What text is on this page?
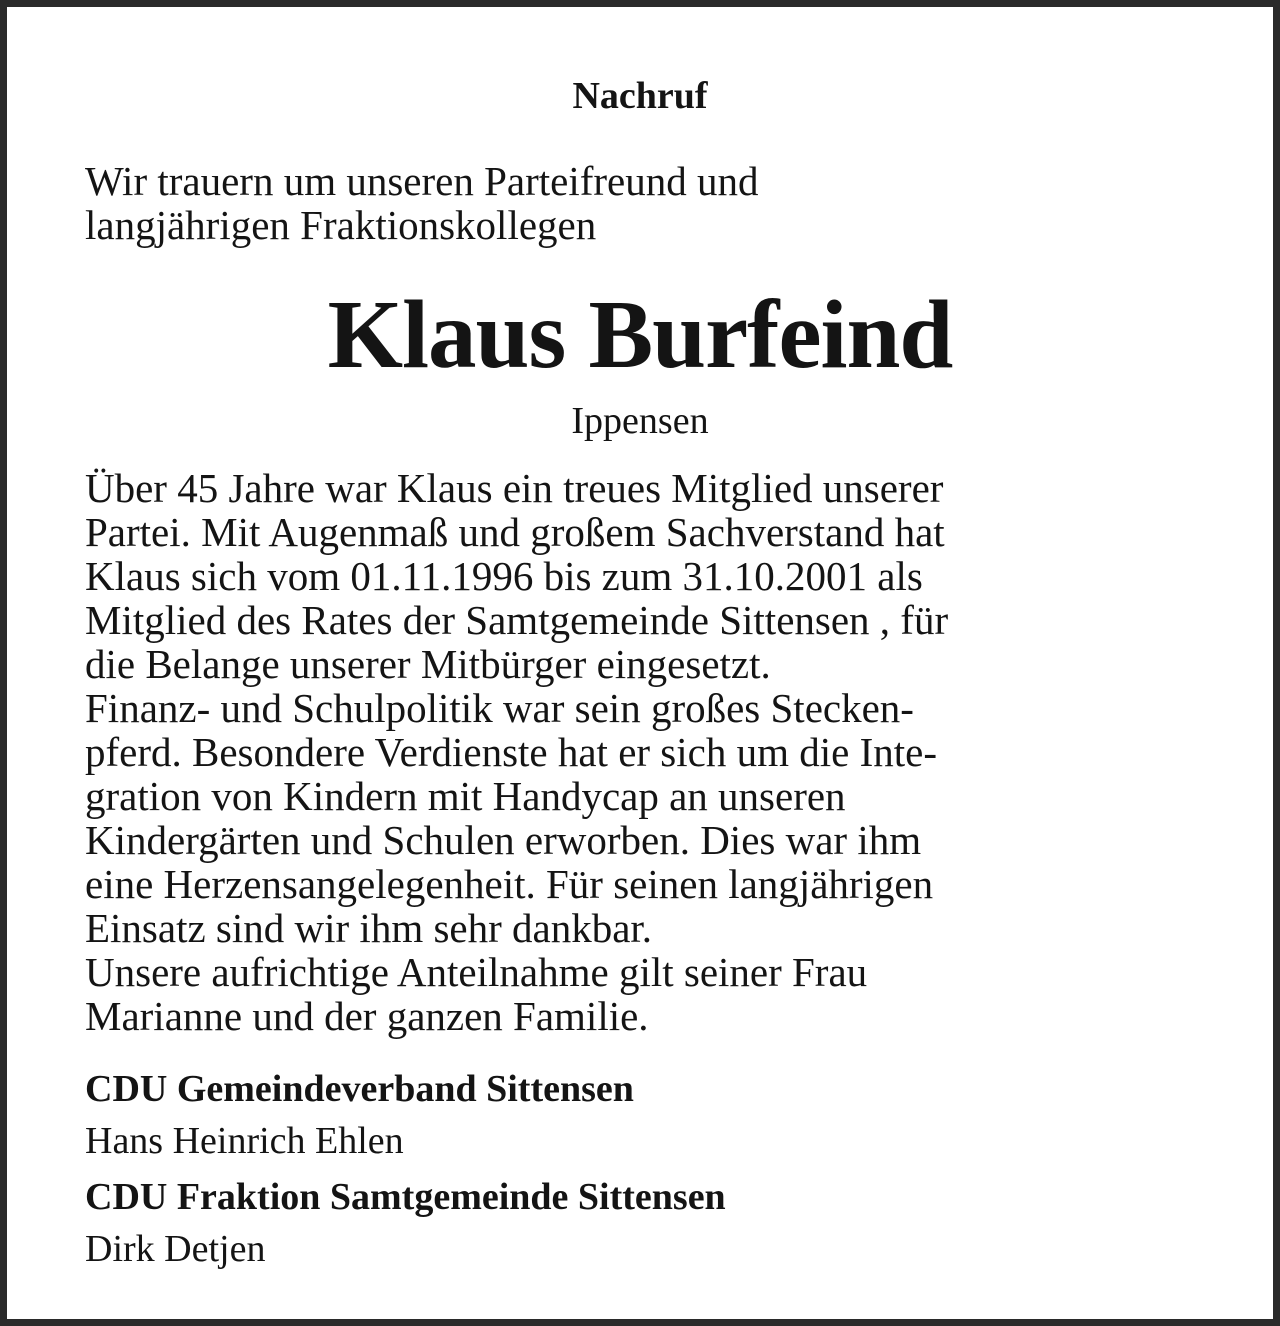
Nachruf

Wir trauern um unseren Parteifreund und

langjährigen Fraktionskollegen

Klaus Burfeind

Ippensen

Über 45 Jahre war Klaus ein treues Mitglied unserer

Partei. Mit Augenmaß und großem Sachverstand hat

Klaus sich vom 01.11.1996 bis zum 31.10.2001 als

Mitglied des Rates der Samtgemeinde Sittensen , für

die Belange unserer Mitbürger eingesetzt.

Finanz- und Schulpolitik war sein großes Stecken-

pferd. Besondere Verdienste hat er sich um die Inte-

gration von Kindern mit Handycap an unseren

Kindergärten und Schulen erworben. Dies war ihm

eine Herzensangelegenheit. Für seinen langjährigen

Einsatz sind wir ihm sehr dankbar.

Unsere aufrichtige Anteilnahme gilt seiner Frau

Marianne und der ganzen Familie.

CDU Gemeindeverband Sittensen

Hans Heinrich Ehlen

CDU Fraktion Samtgemeinde Sittensen

Dirk Detjen
